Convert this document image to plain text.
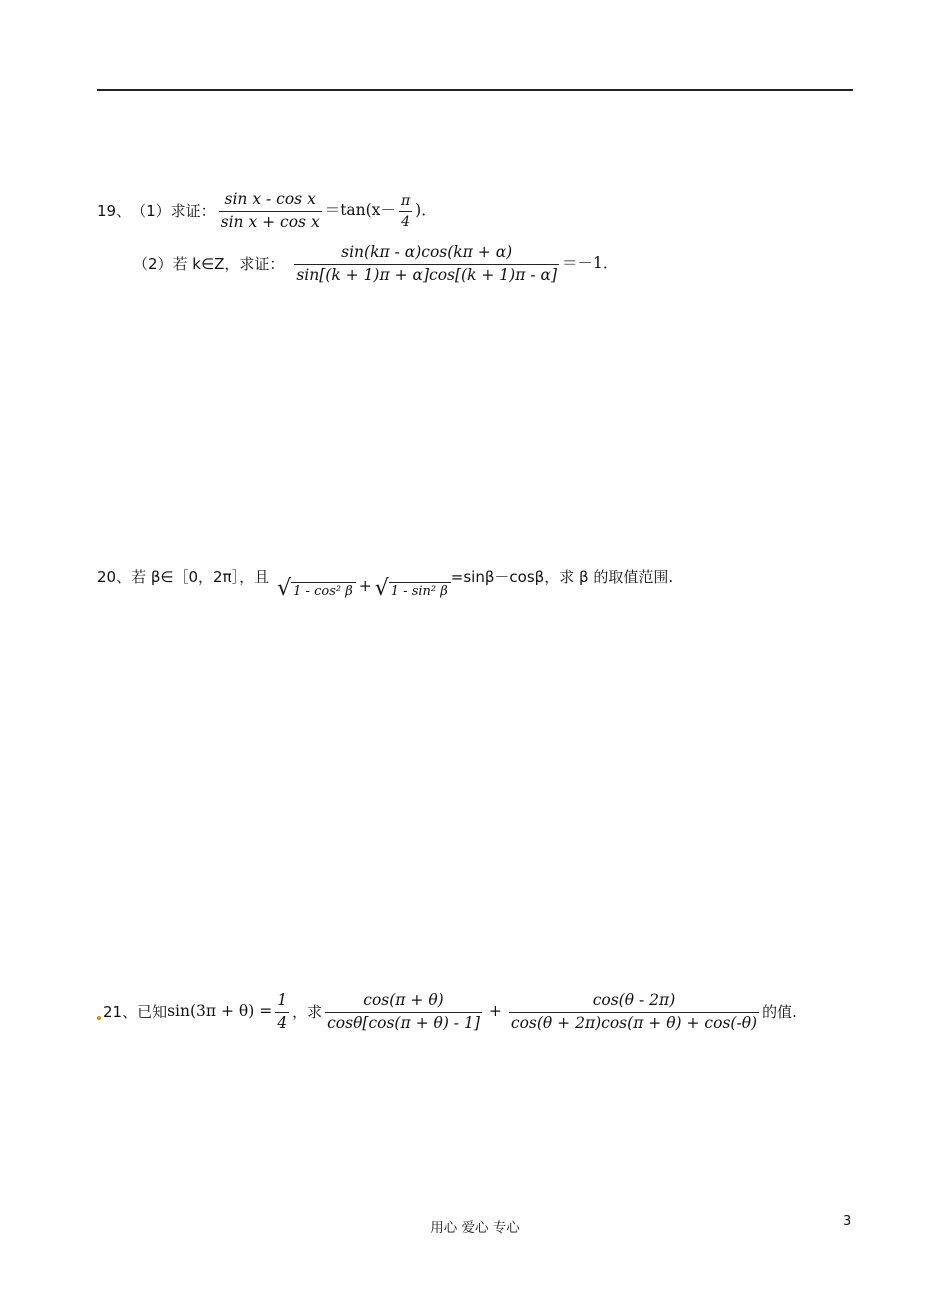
19、 （1）求证： $\frac{\text{sin x - cos x}}{\text{sin x + cos x}} =\tan(x- \frac{\pi}{4}$ )．
（2）若 k∈Z，求证： $\frac{\sin(k\pi - \alpha)\cos(k\pi + \alpha)}{\sin[(k + 1)\pi + \alpha]\cos[(k + 1)\pi - \alpha]} =-1$．
20、若 β∈［0，2π］，且 √ 1 - cos² β + √ 1 - sin² β
=sinβ－cosβ，求 β 的取值范围.
21、已知 $\sin(3\pi + \theta) = \frac{1}{4}$ ，求 $\frac{\cos(\pi + \theta)}{\cos\theta[\cos(\pi + \theta) - 1]} + \frac{\cos(\theta - 2\pi)}{\cos(\theta + 2\pi)\cos(\pi + \theta) + \cos(-\theta)}$ 的值.
用心 爱心 专心	3
